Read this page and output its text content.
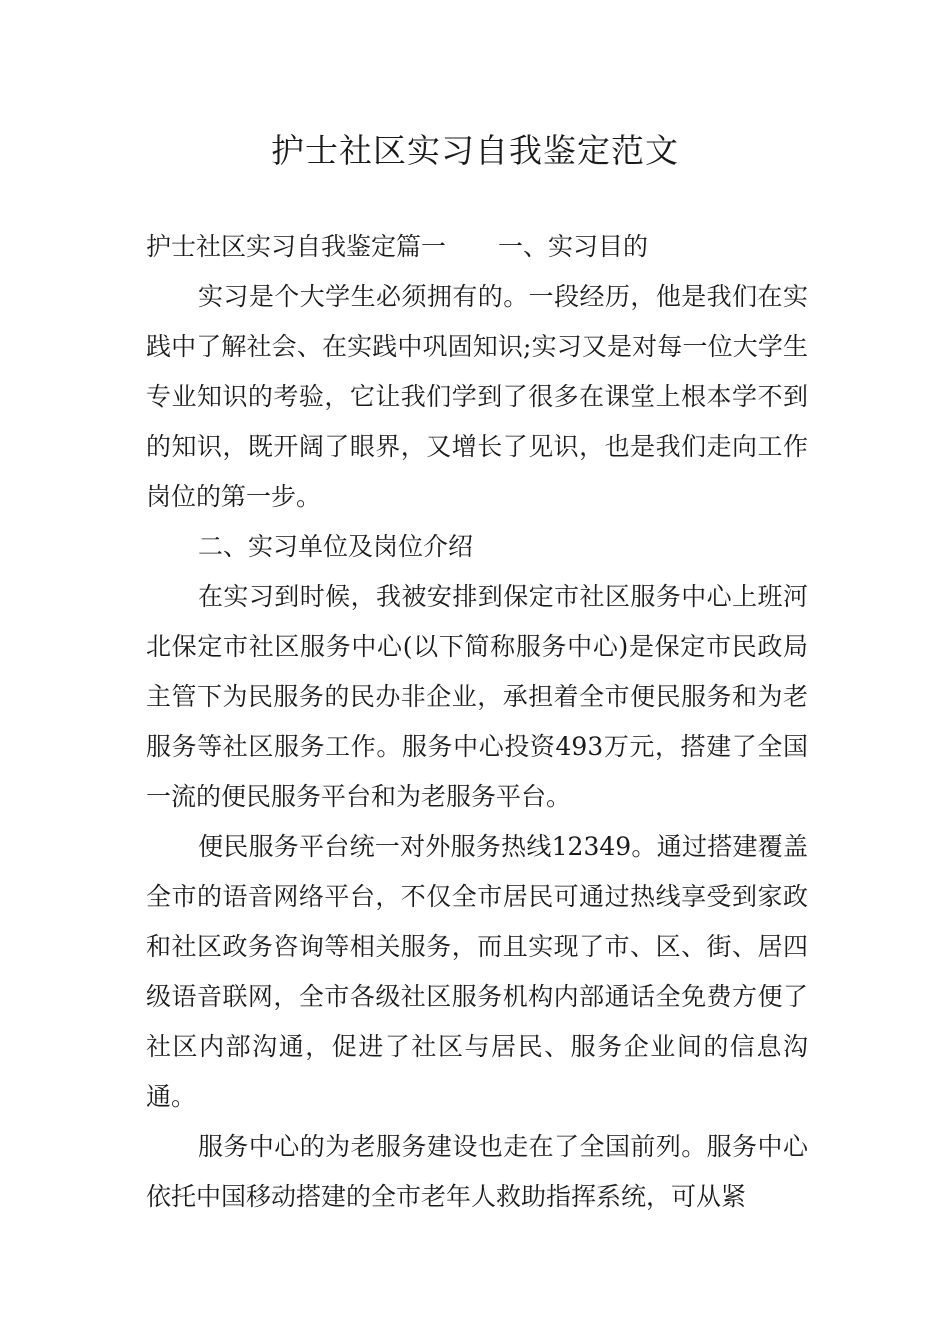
护士社区实习自我鉴定范文

护士社区实习自我鉴定篇一 一、实习目的

实习是个大学生必须拥有的。一段经历，他是我们在实践中了解社会、在实践中巩固知识;实习又是对每一位大学生专业知识的考验，它让我们学到了很多在课堂上根本学不到的知识，既开阔了眼界，又增长了见识，也是我们走向工作岗位的第一步。

二、实习单位及岗位介绍

在实习到时候，我被安排到保定市社区服务中心上班河北保定市社区服务中心(以下简称服务中心)是保定市民政局主管下为民服务的民办非企业，承担着全市便民服务和为老服务等社区服务工作。服务中心投资493万元，搭建了全国一流的便民服务平台和为老服务平台。

便民服务平台统一对外服务热线12349。通过搭建覆盖全市的语音网络平台，不仅全市居民可通过热线享受到家政和社区政务咨询等相关服务，而且实现了市、区、街、居四级语音联网，全市各级社区服务机构内部通话全免费方便了社区内部沟通，促进了社区与居民、服务企业间的信息沟通。

服务中心的为老服务建设也走在了全国前列。服务中心依托中国移动搭建的全市老年人救助指挥系统，可从紧
